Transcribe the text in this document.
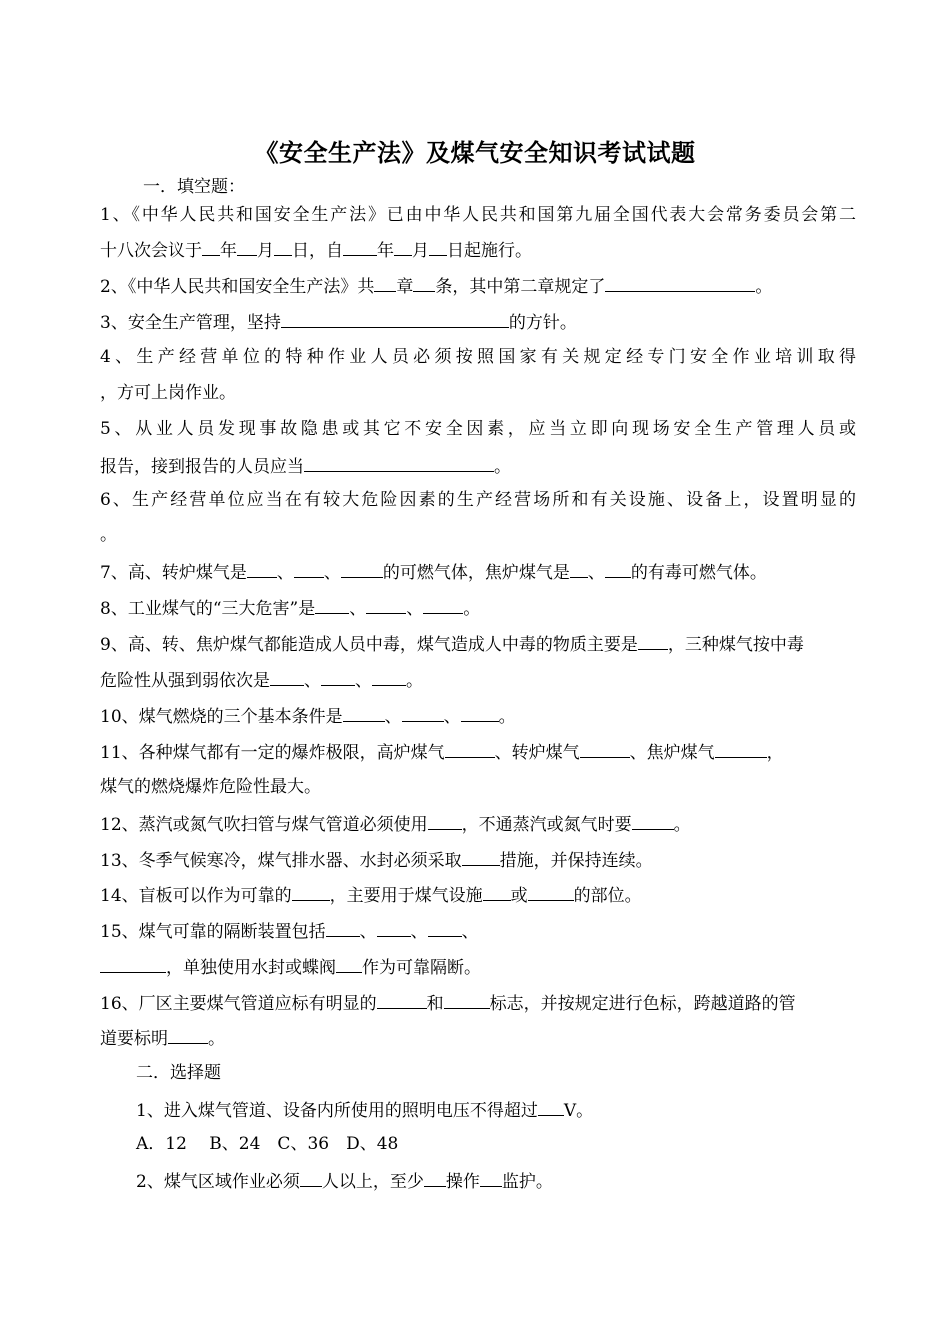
《安全生产法》及煤气安全知识考试试题
一．填空题：
1、《中华人民共和国安全生产法》已由中华人民共和国第九届全国代表大会常务委员会第二
十八次会议于 年 月 日，自 年 月 日起施行。
2、《中华人民共和国安全生产法》共 章 条，其中第二章规定了	。
3、安全生产管理，坚持	的方针。
4、生产经营单位的特种作业人员必须按照国家有关规定经专门安全作业培训取得
，方可上岗作业。
5、从业人员发现事故隐患或其它不安全因素，应当立即向现场安全生产管理人员或
报告，接到报告的人员应当	。
6、生产经营单位应当在有较大危险因素的生产经营场所和有关设施、设备上，设置明显的
。
7、高、转炉煤气是 、 、 的可燃气体，焦炉煤气是 、 的有毒可燃气体。
8、工业煤气的“三大危害”是 、 、 。
9、高、转、焦炉煤气都能造成人员中毒，煤气造成人中毒的物质主要是 ，三种煤气按中毒
危险性从强到弱依次是 、 、 。
10、煤气燃烧的三个基本条件是 、 、 。
11、各种煤气都有一定的爆炸极限，高炉煤气	、转炉煤气	、焦炉煤气	，
煤气的燃烧爆炸危险性最大。
12、蒸汽或氮气吹扫管与煤气管道必须使用 ，不通蒸汽或氮气时要 。
13、冬季气候寒冷，煤气排水器、水封必须采取 措施，并保持连续。
14、盲板可以作为可靠的 ，主要用于煤气设施 或	的部位。
15、煤气可靠的隔断装置包括 、 、 、
，单独使用水封或蝶阀 作为可靠隔断。
16、厂区主要煤气管道应标有明显的	和	标志，并按规定进行色标，跨越道路的管
道要标明 。
二．选择题
1、进入煤气管道、设备内所使用的照明电压不得超过 V。
A．12　 B、24　C、36　D、48
2、煤气区域作业必须 人以上，至少 操作 监护。
